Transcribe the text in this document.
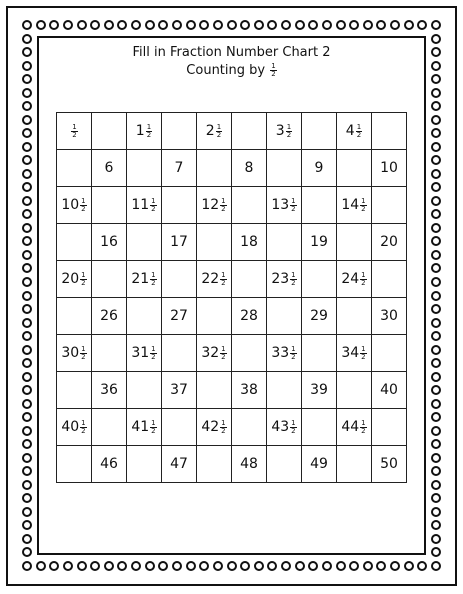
Fill in Fraction Number Chart 2
Counting by $\frac{1}{2}$
$\frac{1}{2}$		$1 \frac{1}{2}$		$2 \frac{1}{2}$		$3 \frac{1}{2}$		$4 \frac{1}{2}$

	6		7		8		9		10
$10 \frac{1}{2}$		$11 \frac{1}{2}$		$12 \frac{1}{2}$		$13 \frac{1}{2}$		$14 \frac{1}{2}$

	16		17		18		19		20
$20 \frac{1}{2}$		$21 \frac{1}{2}$		$22 \frac{1}{2}$		$23 \frac{1}{2}$		$24 \frac{1}{2}$

	26		27		28		29		30
$30 \frac{1}{2}$		$31 \frac{1}{2}$		$32 \frac{1}{2}$		$33 \frac{1}{2}$		$34 \frac{1}{2}$

	36		37		38		39		40
$40 \frac{1}{2}$		$41 \frac{1}{2}$		$42 \frac{1}{2}$		$43 \frac{1}{2}$		$44 \frac{1}{2}$

	46		47		48		49		50
